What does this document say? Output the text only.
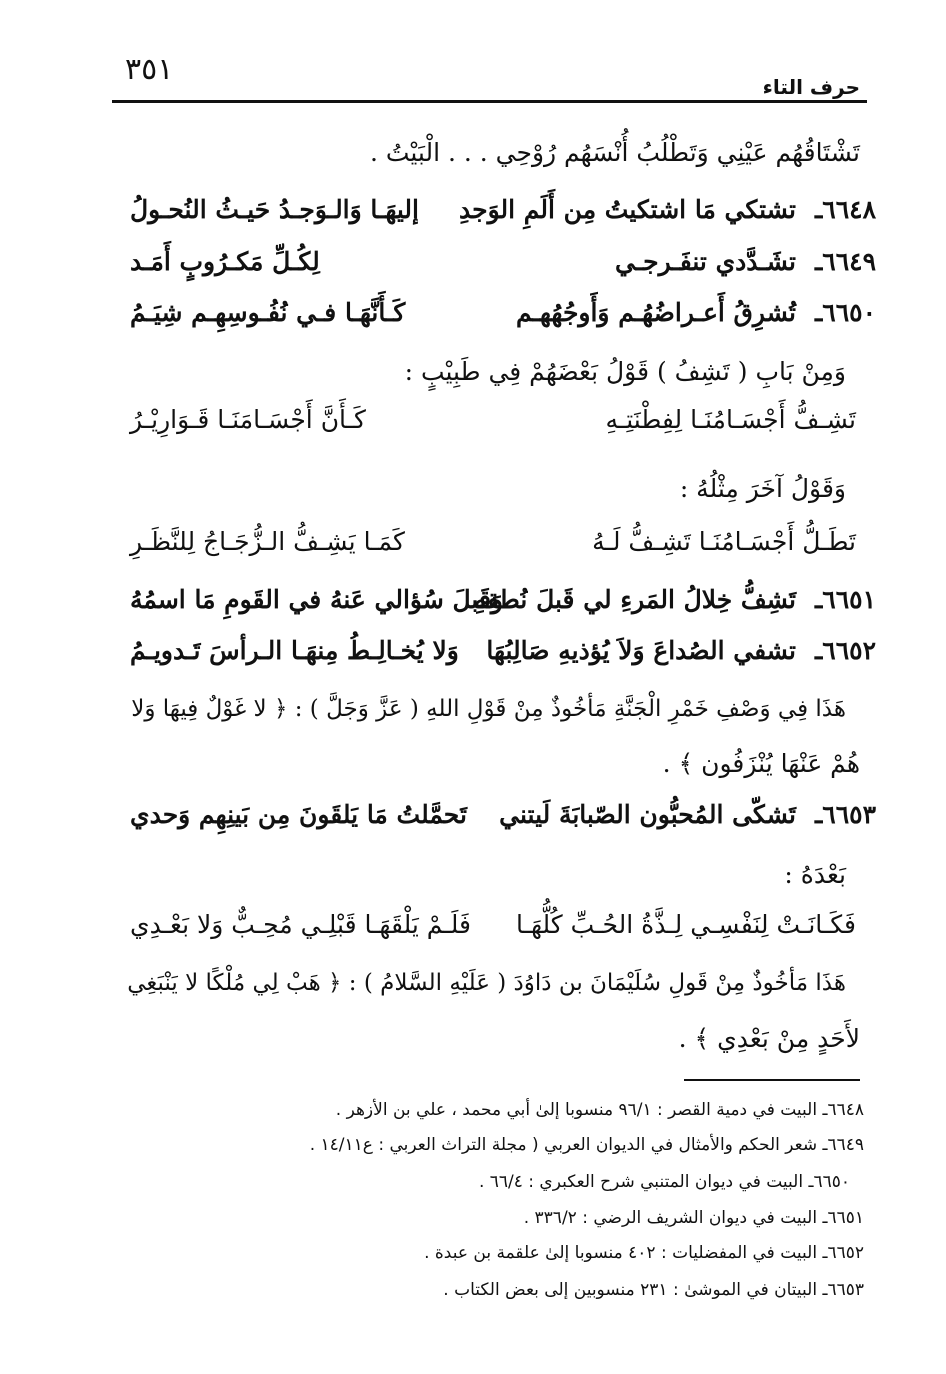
٣٥١	حرف التاء
تَشْتَاقُهُم عَيْنِي وَتَطْلُبُ أُنْسَهُم رُوْحِي . . . الْبَيْتُ .
٦٦٤٨ـ
تشتكي مَا اشتكيتُ مِن أَلَمِ الوَجدِ
إليهَـا وَالـوَجـدُ حَيـثُ النُحـولُ
٦٦٤٩ـ
تشَـدَّدي تنفَـرجـي
لِكُـلِّ مَكـرُوبٍ أَمَـد
٦٦٥٠ـ
تُشرِقُ أَعـراضُهُـم وَأَوجُهُهـم
كَـأَنَّهَـا فـي نُفُـوسِهِـم شِيَـمُ
وَمِنْ بَابِ ( تَشِفُ ) قَوْلُ بَعْضَهُمْ فِي طَبِيْبٍ :
تَشِـفُّ أَجْسَـامُنَـا لِفِطْنَتِـهِ
كَـأَنَّ أَجْسَـامَنَـا قَـوَارِيْـرُ
وَقَوْلُ آخَرَ مِثْلُهُ :
تَطَـلُّ أَجْسَـامُنَـا تَشِـفُّ لَـهُ
كَمَـا يَشِـفُّ الـزُّجَـاجُ لِلنَّظَـرِ
٦٦٥١ـ
تَشِفُّ خِلالُ المَرءِ لي قَبلَ نُطقِهِ
وَقَبلَ سُؤالي عَنهُ في القَومِ مَا اسمُهُ
٦٦٥٢ـ
تشفي الصُداعَ وَلاَ يُؤذيهِ صَالِبُهَا
وَلا يُخـالِـطُ مِنهَـا الـرأسَ تَـدويـمُ
هَذَا فِي وَصْفِ خَمْرِ الْجَنَّةِ مَأخُوذٌ مِنْ قَوْلِ اللهِ ( عَزَّ وَجَلَّ ) : ﴿ لا غَوْلٌ فِيهَا وَلا
هُمْ عَنْهَا يُنْزَفُون ﴾ .
٦٦٥٣ـ
تَشكّى المُحبُّون الصّبابَةَ لَيتني
تَحمَّلتُ مَا يَلقَونَ مِن بَينِهِم وَحدي
بَعْدَهُ :
فَكَـانَـتْ لِنَفْسِـي لِـذَّةُ الحُـبِّ كُلُّهَـا
فَلَـمْ يَلْقَهَـا قَبْلِـي مُحِـبٌّ وَلا بَعْـدِي
هَذَا مَأخُوذٌ مِنْ قَولِ سُلَيْمَانَ بن دَاوُدَ ( عَلَيْهِ السَّلامُ ) : ﴿ هَبْ لِي مُلْكًا لا يَنْبَغِي
لأَحَدٍ مِنْ بَعْدِي ﴾ .
٦٦٤٨ـ البيت في دمية القصر : ٩٦/١ منسوبا إلىٰ أبي محمد ، علي بن الأزهر .
٦٦٤٩ـ شعر الحكم والأمثال في الديوان العربي ( مجلة التراث العربي : ع١٤/١١ .
٦٦٥٠ـ البيت في ديوان المتنبي شرح العكبري : ٦٦/٤ .
٦٦٥١ـ البيت في ديوان الشريف الرضي : ٣٣٦/٢ .
٦٦٥٢ـ البيت في المفضليات : ٤٠٢ منسوبا إلىٰ علقمة بن عبدة .
٦٦٥٣ـ البيتان في الموشىٰ : ٢٣١ منسوبين إلى بعض الكتاب .
